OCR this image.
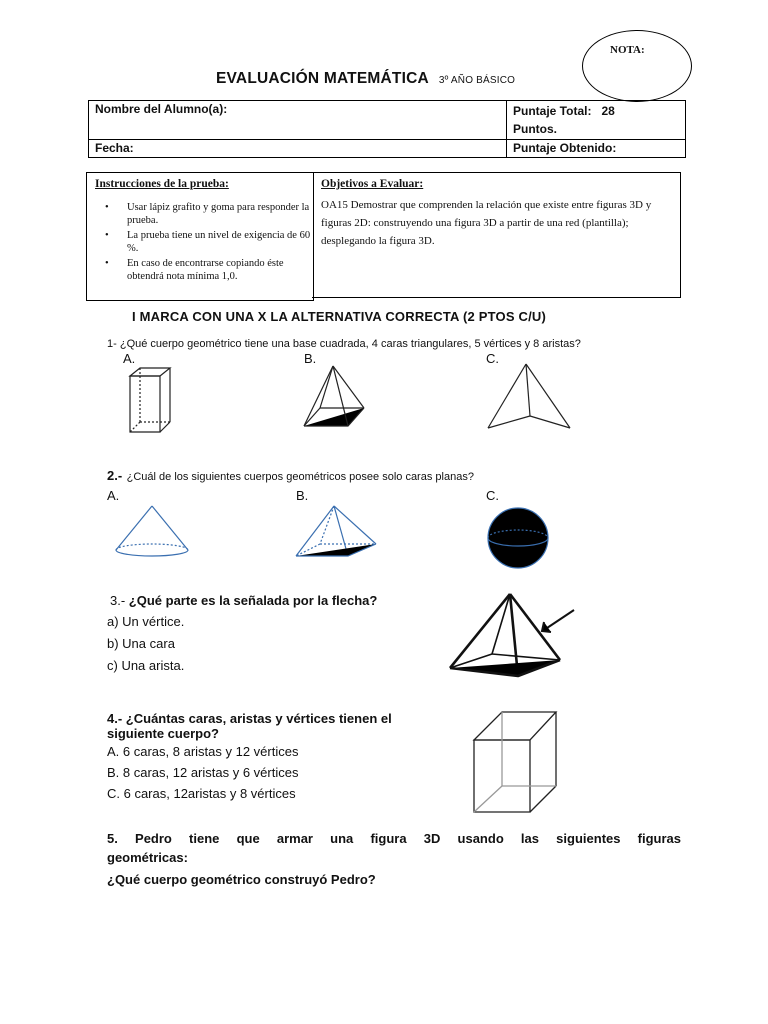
NOTA:
EVALUACIÓN MATEMÁTICA 3º AÑO BÁSICO
Nombre del Alumno(a):	Puntaje Total: 28
Puntos.

Fecha:	Puntaje Obtenido:
Instrucciones de la prueba:
• Usar lápiz grafito y goma para responder la prueba.
• La prueba tiene un nivel de exigencia de 60 %.
• En caso de encontrarse copiando éste obtendrá nota mínima 1,0.
Objetivos a Evaluar:
OA15 Demostrar que comprenden la relación que existe entre figuras 3D y figuras 2D: construyendo una figura 3D a partir de una red (plantilla); desplegando la figura 3D.
I MARCA CON UNA X LA ALTERNATIVA CORRECTA (2 PTOS C/U)
1- ¿Qué cuerpo geométrico tiene una base cuadrada, 4 caras triangulares, 5 vértices y 8 aristas?
A.	B.	C.
2.- ¿Cuál de los siguientes cuerpos geométricos posee solo caras planas?
A.	B.	C.
3.- ¿Qué parte es la señalada por la flecha?
a) Un vértice.
b) Una cara
c) Una arista.
4.- ¿Cuántas caras, aristas y vértices tienen el siguiente cuerpo?
A. 6 caras, 8 aristas y 12 vértices
B. 8 caras, 12 aristas y 6 vértices
C. 6 caras, 12aristas y 8 vértices
5. Pedro tiene que armar una figura 3D usando las siguientes figuras
geométricas:
¿Qué cuerpo geométrico construyó Pedro?
